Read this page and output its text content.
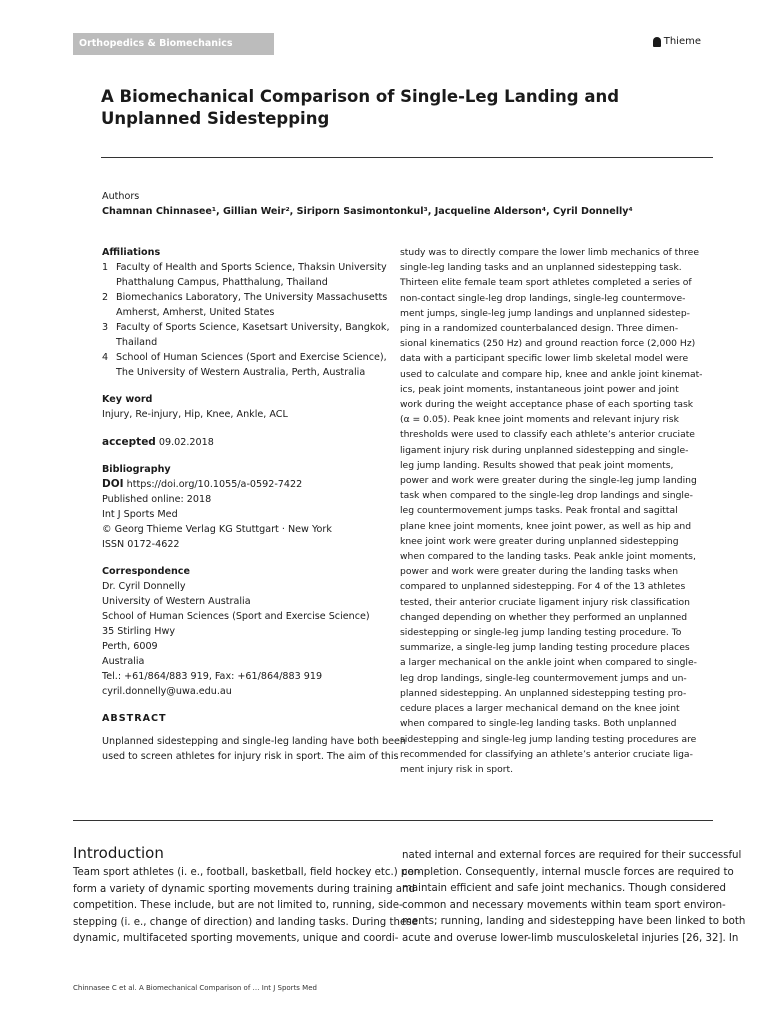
Orthopedics & Biomechanics	Thieme
A Biomechanical Comparison of Single-Leg Landing and Unplanned Sidestepping
Authors
Chamnan Chinnasee¹, Gillian Weir², Siriporn Sasimontonkul³, Jacqueline Alderson⁴, Cyril Donnelly⁴
Affiliations
1 Faculty of Health and Sports Science, Thaksin University
Phatthalung Campus, Phatthalung, Thailand
2 Biomechanics Laboratory, The University Massachusetts
Amherst, Amherst, United States
3 Faculty of Sports Science, Kasetsart University, Bangkok,
Thailand
4 School of Human Sciences (Sport and Exercise Science),
The University of Western Australia, Perth, Australia
Key word
Injury, Re-injury, Hip, Knee, Ankle, ACL
accepted 09.02.2018
Bibliography
DOI https://doi.org/10.1055/a-0592-7422
Published online: 2018
Int J Sports Med
© Georg Thieme Verlag KG Stuttgart · New York
ISSN 0172-4622
Correspondence
Dr. Cyril Donnelly
University of Western Australia
School of Human Sciences (Sport and Exercise Science)
35 Stirling Hwy
Perth, 6009
Australia
Tel.: +61/864/883 919, Fax: +61/864/883 919
cyril.donnelly@uwa.edu.au
ABSTRACT
Unplanned sidestepping and single-leg landing have both been
used to screen athletes for injury risk in sport. The aim of this
study was to directly compare the lower limb mechanics of three
single-leg landing tasks and an unplanned sidestepping task.
Thirteen elite female team sport athletes completed a series of
non-contact single-leg drop landings, single-leg countermove-
ment jumps, single-leg jump landings and unplanned sidestep-
ping in a randomized counterbalanced design. Three dimen-
sional kinematics (250 Hz) and ground reaction force (2,000 Hz)
data with a participant specific lower limb skeletal model were
used to calculate and compare hip, knee and ankle joint kinemat-
ics, peak joint moments, instantaneous joint power and joint
work during the weight acceptance phase of each sporting task
(α = 0.05). Peak knee joint moments and relevant injury risk
thresholds were used to classify each athlete’s anterior cruciate
ligament injury risk during unplanned sidestepping and single-
leg jump landing. Results showed that peak joint moments,
power and work were greater during the single-leg jump landing
task when compared to the single-leg drop landings and single-
leg countermovement jumps tasks. Peak frontal and sagittal
plane knee joint moments, knee joint power, as well as hip and
knee joint work were greater during unplanned sidestepping
when compared to the landing tasks. Peak ankle joint moments,
power and work were greater during the landing tasks when
compared to unplanned sidestepping. For 4 of the 13 athletes
tested, their anterior cruciate ligament injury risk classification
changed depending on whether they performed an unplanned
sidestepping or single-leg jump landing testing procedure. To
summarize, a single-leg jump landing testing procedure places
a larger mechanical on the ankle joint when compared to single-
leg drop landings, single-leg countermovement jumps and un-
planned sidestepping. An unplanned sidestepping testing pro-
cedure places a larger mechanical demand on the knee joint
when compared to single-leg landing tasks. Both unplanned
sidestepping and single-leg jump landing testing procedures are
recommended for classifying an athlete’s anterior cruciate liga-
ment injury risk in sport.
Introduction
Team sport athletes (i. e., football, basketball, field hockey etc.) per-
form a variety of dynamic sporting movements during training and
competition. These include, but are not limited to, running, side-
stepping (i. e., change of direction) and landing tasks. During these
dynamic, multifaceted sporting movements, unique and coordi-
nated internal and external forces are required for their successful
completion. Consequently, internal muscle forces are required to
maintain efficient and safe joint mechanics. Though considered
common and necessary movements within team sport environ-
ments; running, landing and sidestepping have been linked to both
acute and overuse lower-limb musculoskeletal injuries [26, 32]. In
Chinnasee C et al. A Biomechanical Comparison of … Int J Sports Med
